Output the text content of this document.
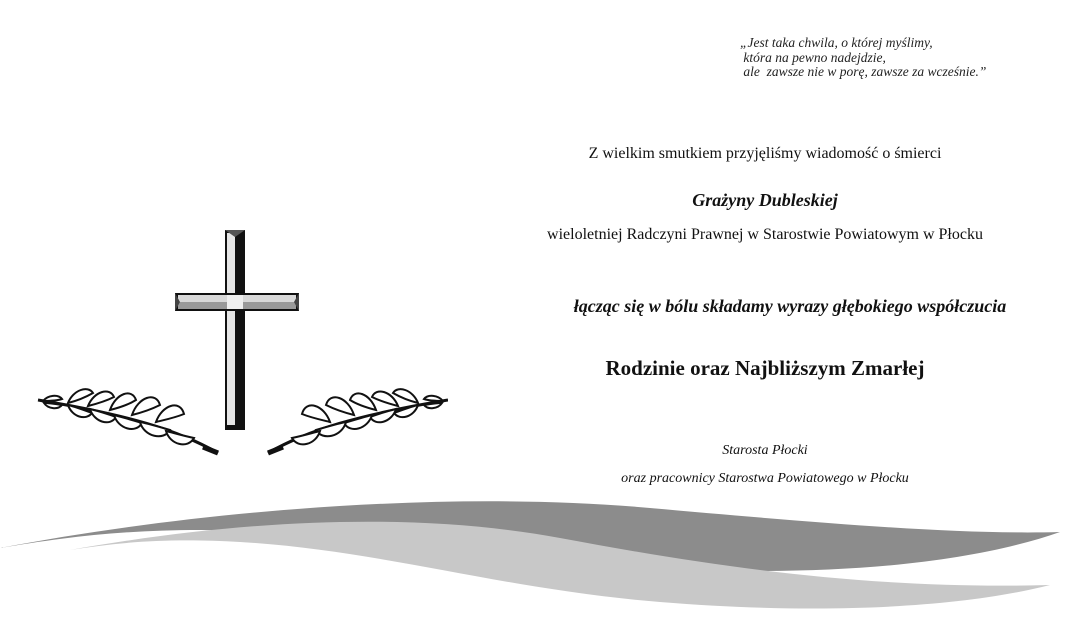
„Jest taka chwila, o której myślimy,
która na pewno nadejdzie,
ale  zawsze nie w porę, zawsze za wcześnie.”
Z wielkim smutkiem przyjęliśmy wiadomość o śmierci
Grażyny Dubleskiej
wieloletniej Radczyni Prawnej w Starostwie Powiatowym w Płocku
łącząc się w bólu składamy wyrazy głębokiego współczucia
Rodzinie oraz Najbliższym Zmarłej
Starosta Płocki
oraz pracownicy Starostwa Powiatowego w Płocku
